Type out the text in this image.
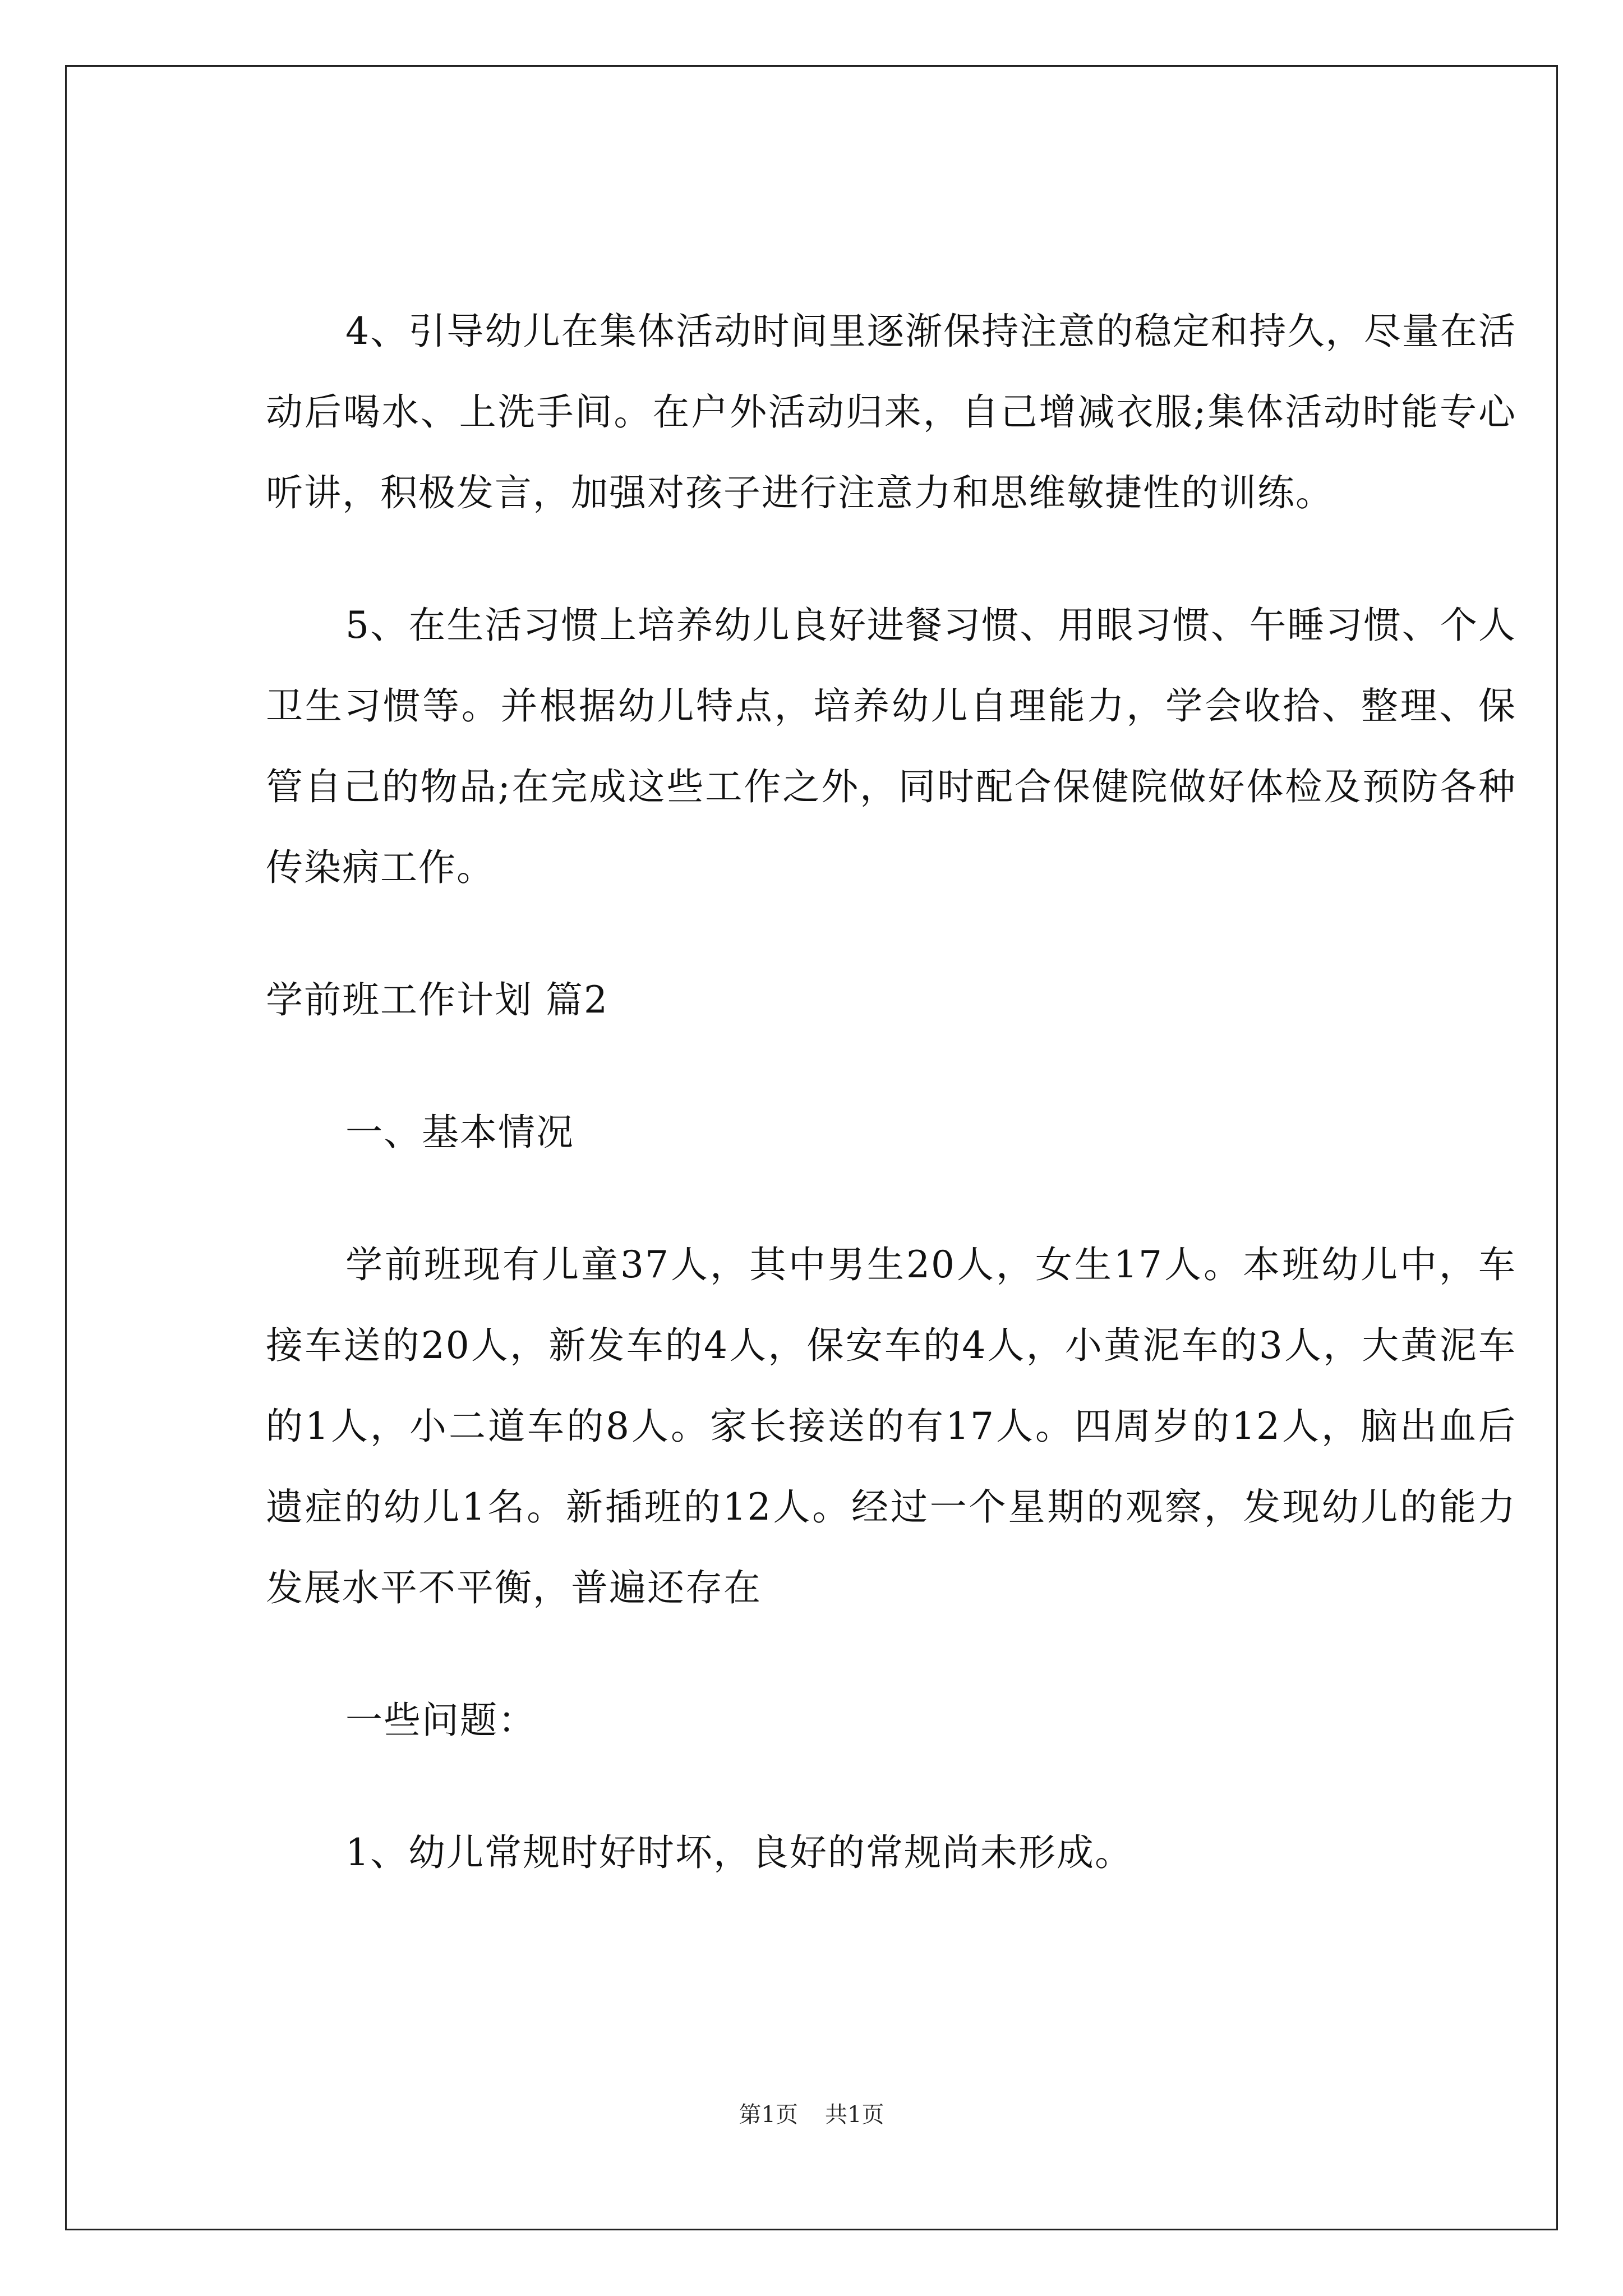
4、引导幼儿在集体活动时间里逐渐保持注意的稳定和持久，尽量在活动后喝水、上洗手间。在户外活动归来，自己增减衣服;集体活动时能专心听讲，积极发言，加强对孩子进行注意力和思维敏捷性的训练。

5、在生活习惯上培养幼儿良好进餐习惯、用眼习惯、午睡习惯、个人卫生习惯等。并根据幼儿特点，培养幼儿自理能力，学会收拾、整理、保管自己的物品;在完成这些工作之外，同时配合保健院做好体检及预防各种传染病工作。

学前班工作计划 篇2

一、基本情况

学前班现有儿童37人，其中男生20人，女生17人。本班幼儿中，车接车送的20人，新发车的4人，保安车的4人，小黄泥车的3人，大黄泥车的1人，小二道车的8人。家长接送的有17人。四周岁的12人，脑出血后遗症的幼儿1名。新插班的12人。经过一个星期的观察，发现幼儿的能力发展水平不平衡，普遍还存在

一些问题：

1、幼儿常规时好时坏，良好的常规尚未形成。

第1页 共1页
